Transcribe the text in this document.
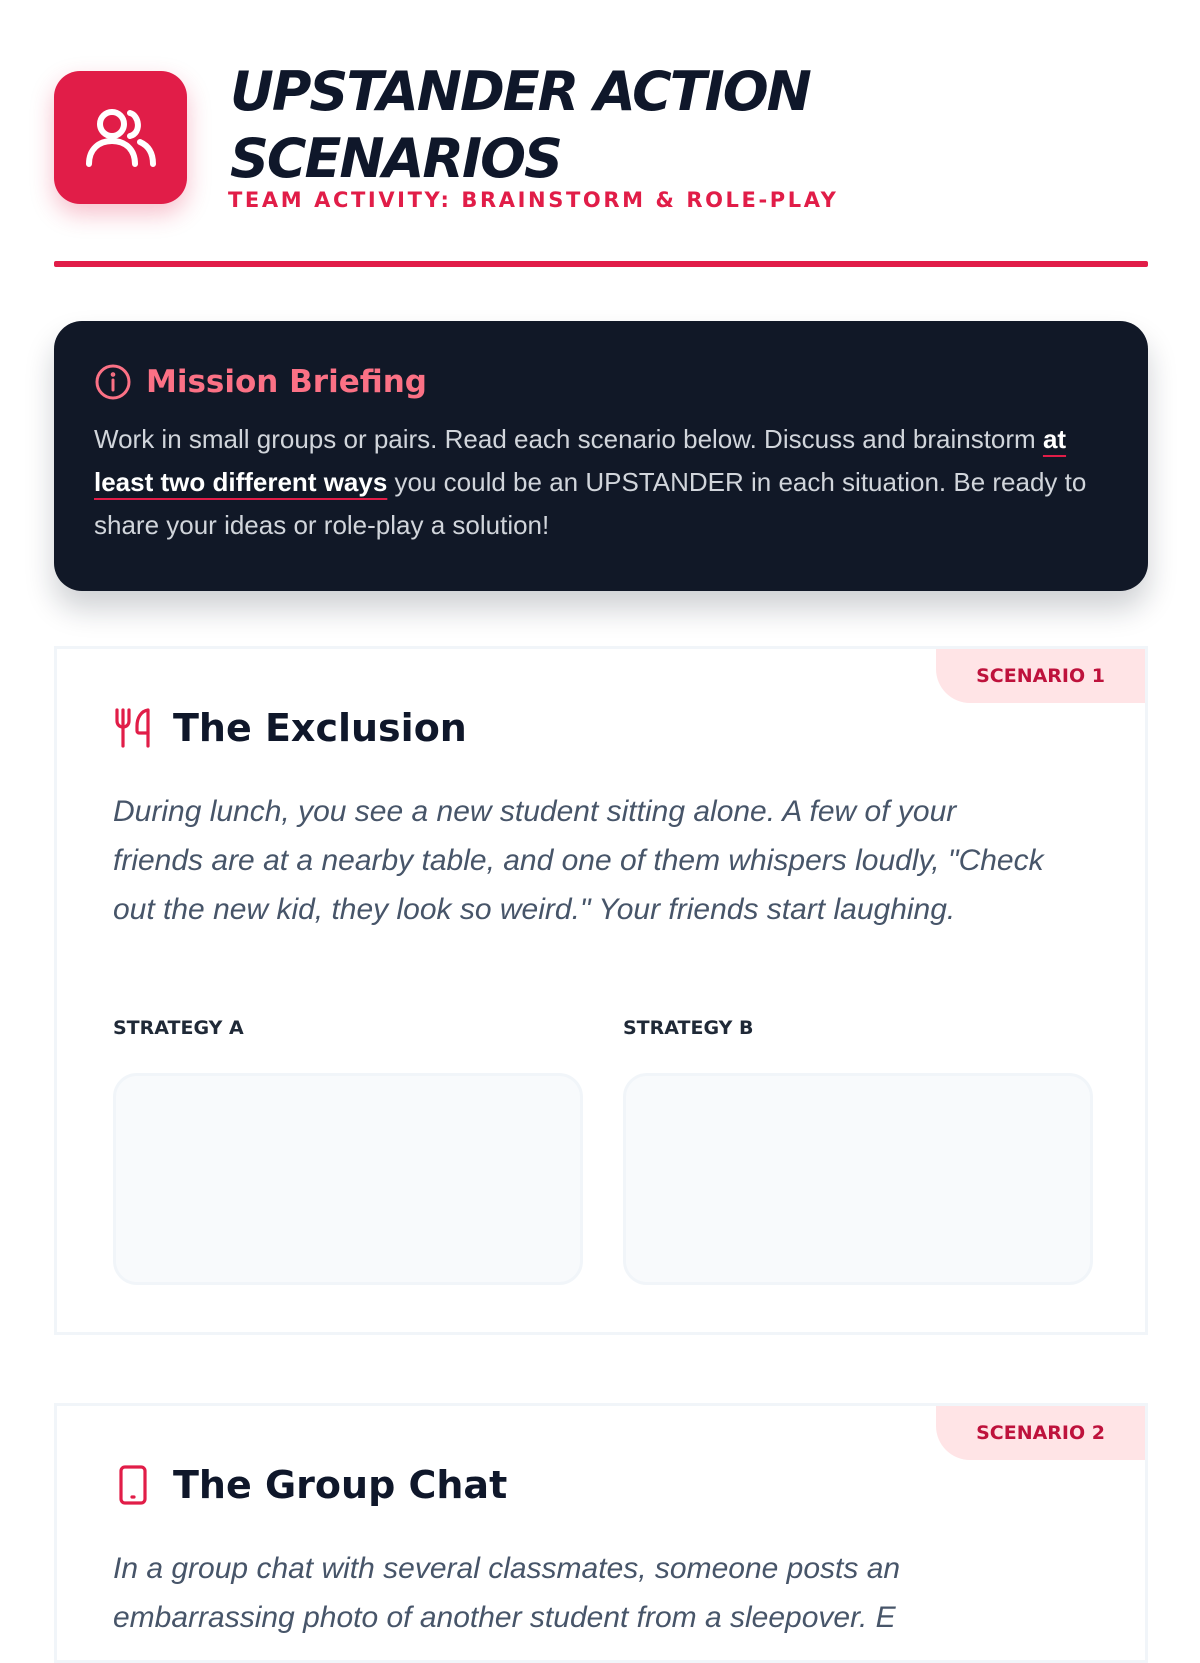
UPSTANDER ACTION SCENARIOS
TEAM ACTIVITY: BRAINSTORM & ROLE-PLAY
Mission Briefing

Work in small groups or pairs. Read each scenario below. Discuss and brainstorm at least two different ways you could be an UPSTANDER in each situation. Be ready to share your ideas or role-play a solution!

SCENARIO 1
The Exclusion

During lunch, you see a new student sitting alone. A few of your friends are at a nearby table, and one of them whispers loudly, "Check out the new kid, they look so weird." Your friends start laughing.

STRATEGY A	STRATEGY B
SCENARIO 2
The Group Chat

In a group chat with several classmates, someone posts an embarrassing photo of another student from a sleepover. E
